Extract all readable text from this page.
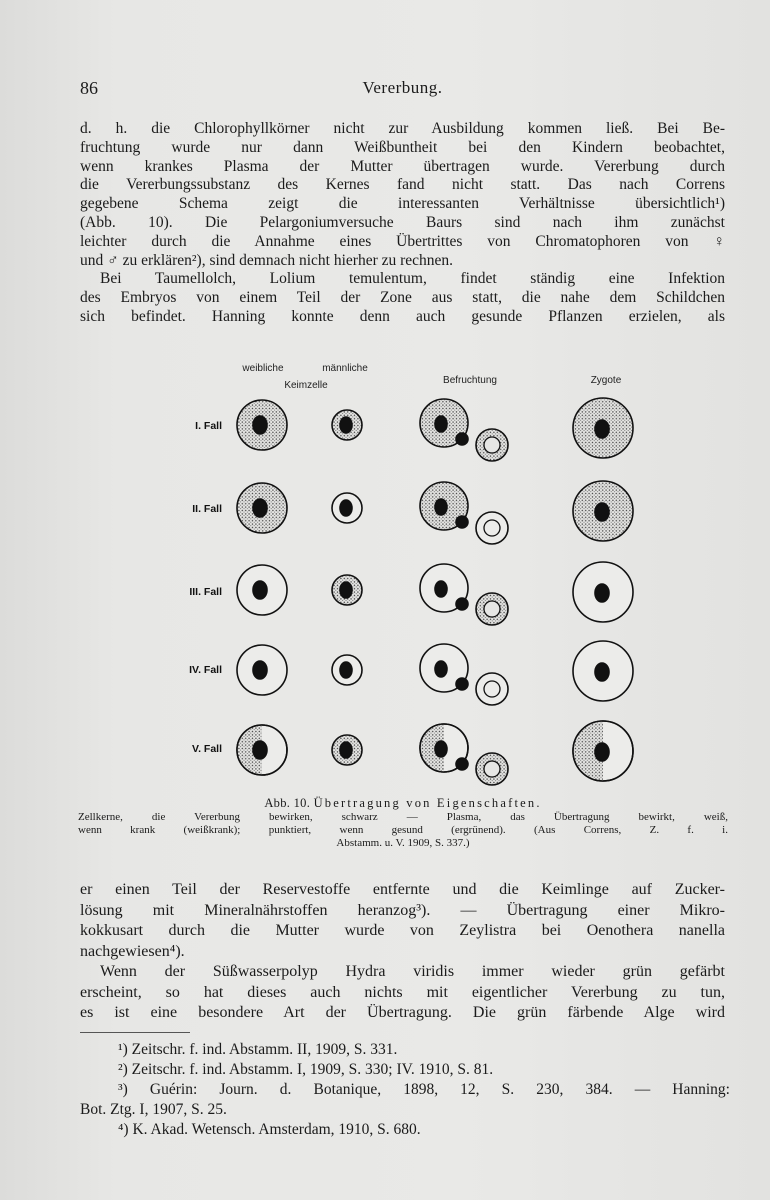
86	Vererbung.
d. h. die Chlorophyllkörner nicht zur Ausbildung kommen ließ. Bei Be-
fruchtung wurde nur dann Weißbuntheit bei den Kindern beobachtet,
wenn krankes Plasma der Mutter übertragen wurde. Vererbung durch
die Vererbungssubstanz des Kernes fand nicht statt. Das nach Correns
gegebene Schema zeigt die interessanten Verhältnisse übersichtlich¹)
(Abb. 10). Die Pelargoniumversuche Baurs sind nach ihm zunächst
leichter durch die Annahme eines Übertrittes von Chromatophoren von ♀
und ♂ zu erklären²), sind demnach nicht hierher zu rechnen.
Bei Taumellolch, Lolium temulentum, findet ständig eine Infektion
des Embryos von einem Teil der Zone aus statt, die nahe dem Schildchen
sich befindet. Hanning konnte denn auch gesunde Pflanzen erzielen, als
weibliche	männliche
Keimzelle	Befruchtung	Zygote
I. Fall
II. Fall
III. Fall
IV. Fall
V. Fall
Abb. 10. Übertragung von Eigenschaften.
Zellkerne, die Vererbung bewirken, schwarz — Plasma, das Übertragung bewirkt, weiß,
wenn krank (weißkrank); punktiert, wenn gesund (ergrünend). (Aus Correns, Z. f. i.
Abstamm. u. V. 1909, S. 337.)
er einen Teil der Reservestoffe entfernte und die Keimlinge auf Zucker-
lösung mit Mineralnährstoffen heranzog³). — Übertragung einer Mikro-
kokkusart durch die Mutter wurde von Zeylistra bei Oenothera nanella
nachgewiesen⁴).
Wenn der Süßwasserpolyp Hydra viridis immer wieder grün gefärbt
erscheint, so hat dieses auch nichts mit eigentlicher Vererbung zu tun,
es ist eine besondere Art der Übertragung. Die grün färbende Alge wird
¹) Zeitschr. f. ind. Abstamm. II, 1909, S. 331.
²) Zeitschr. f. ind. Abstamm. I, 1909, S. 330; IV. 1910, S. 81.
³) Guérin: Journ. d. Botanique, 1898, 12, S. 230, 384. — Hanning:
Bot. Ztg. I, 1907, S. 25.
⁴) K. Akad. Wetensch. Amsterdam, 1910, S. 680.
